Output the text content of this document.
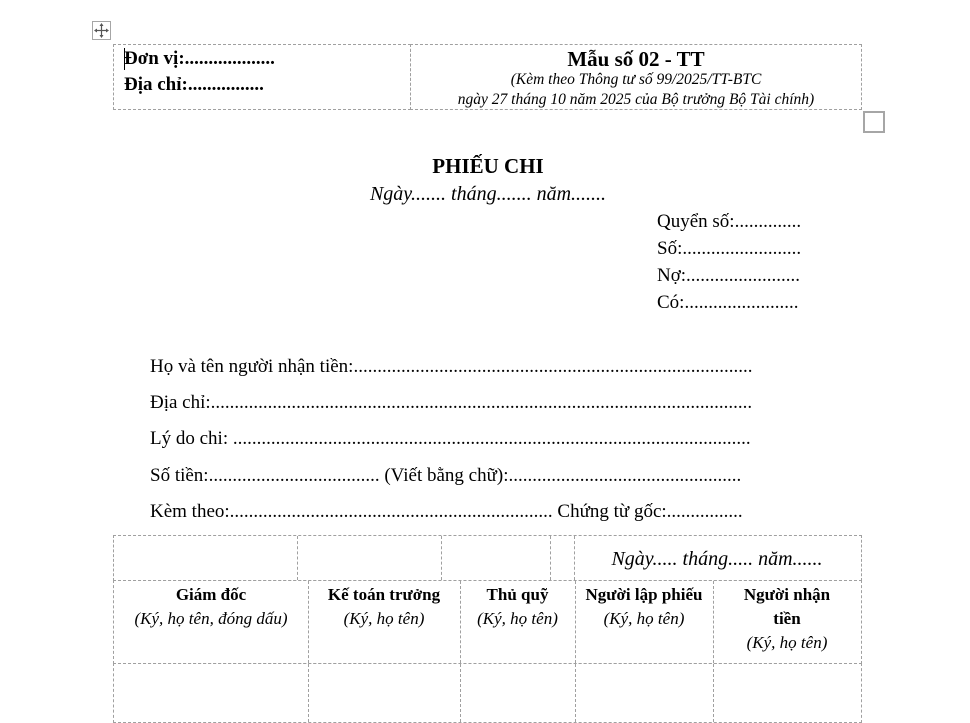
Đơn vị:...................
Địa chỉ:................
Mẫu số 02 - TT
(Kèm theo Thông tư số 99/2025/TT-BTC
ngày 27 tháng 10 năm 2025 của Bộ trưởng Bộ Tài chính)
PHIẾU CHI
Ngày....... tháng....... năm.......
Quyển số:..............
Số:.........................
Nợ:........................
Có:........................
Họ và tên người nhận tiền:....................................................................................
Địa chỉ:..................................................................................................................
Lý do chi: .............................................................................................................
Số tiền:.................................... (Viết bằng chữ):.................................................
Kèm theo:.................................................................... Chứng từ gốc:................
Ngày..... tháng..... năm......
Giám đốc
(Ký, họ tên, đóng dấu)
Kế toán trưởng
(Ký, họ tên)
Thủ quỹ
(Ký, họ tên)
Người lập phiếu
(Ký, họ tên)
Người nhận
tiền
(Ký, họ tên)
